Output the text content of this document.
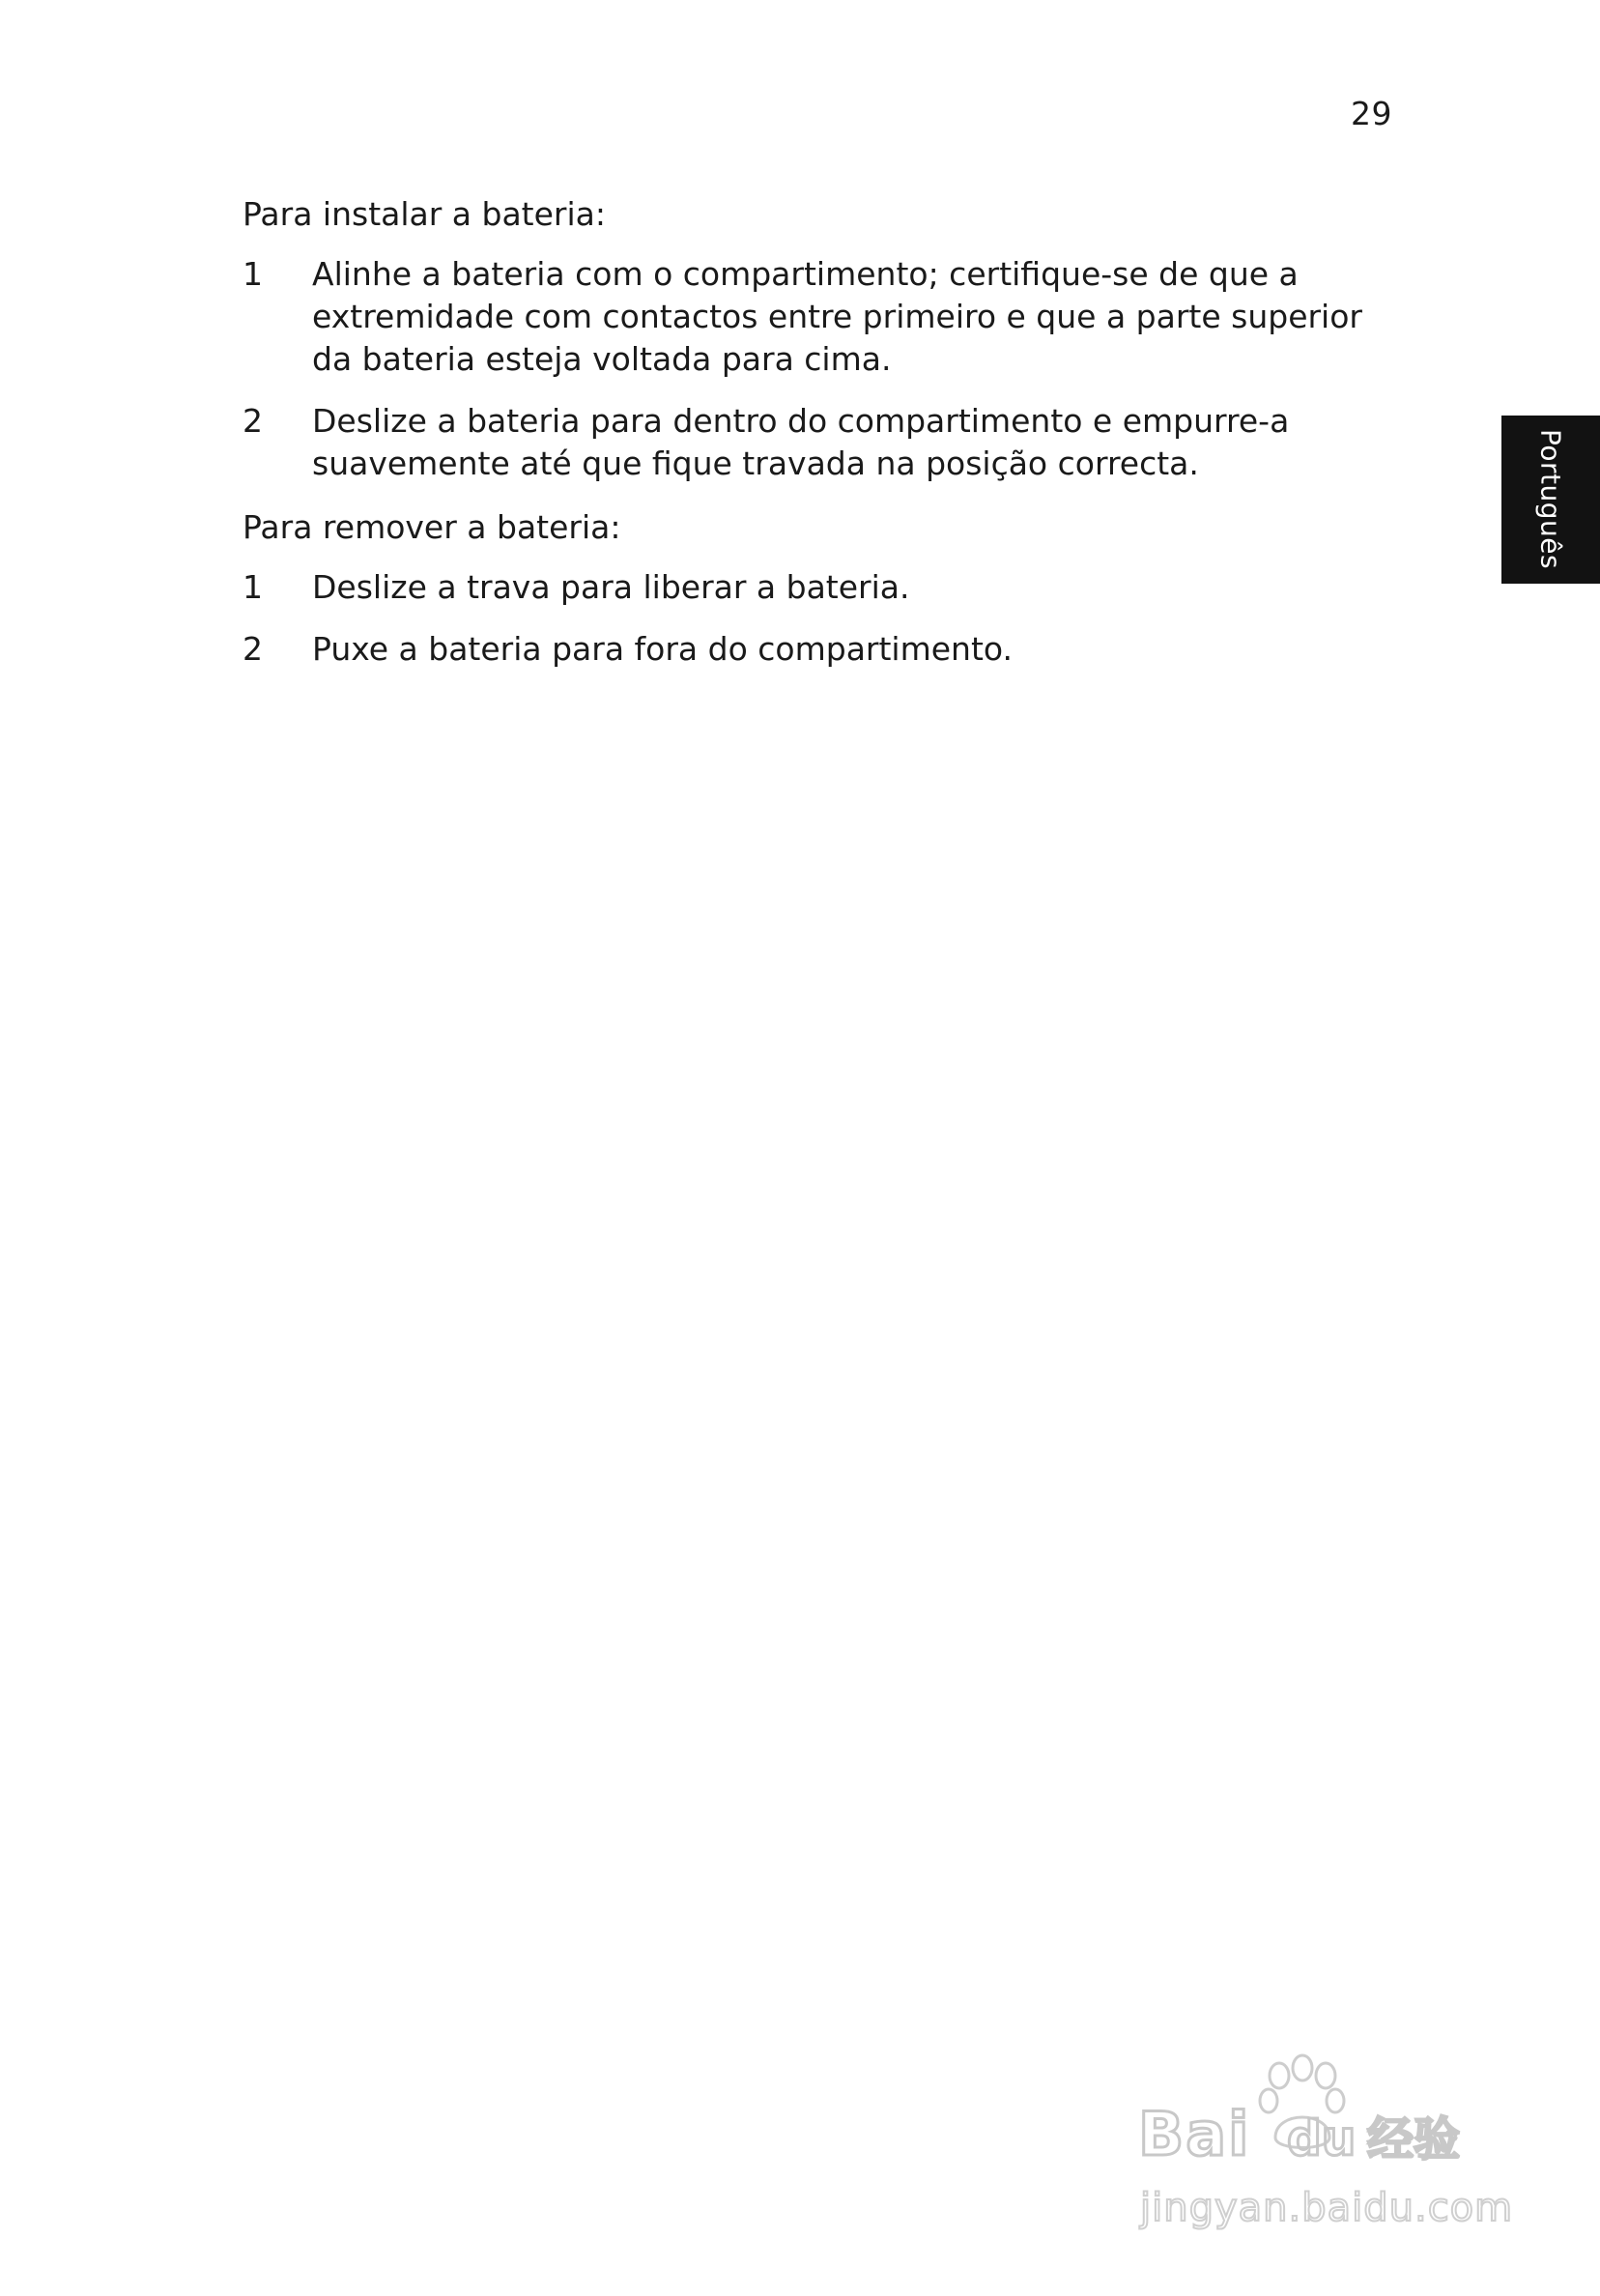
29
Português

Para instalar a bateria:

1	Alinhe a bateria com o compartimento; certifique-se de que a extremidade com contactos entre primeiro e que a parte superior da bateria esteja voltada para cima.
2	Deslize a bateria para dentro do compartimento e empurre-a suavemente até que fique travada na posição correcta.

Para remover a bateria:

1	Deslize a trava para liberar a bateria.
2	Puxe a bateria para fora do compartimento.
Bai du 经验
jingyan.baidu.com
